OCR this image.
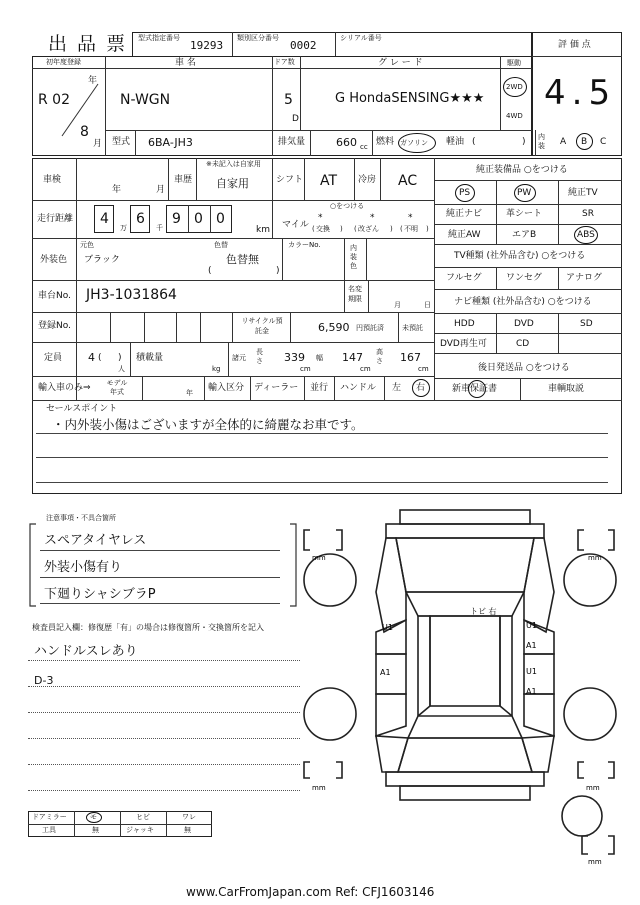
出 品 票 型式指定番号
19293
類別区分番号
0002
シリアル番号
評 価 点
4.5
初年度登録
R 02
年
8
月
車 名
N-WGN
ドア数
5
D
グ レ ー ド
G HondaSENSING★★★
駆動
2WD
4WD
型式 6BA-JH3	排気量	660 cc 燃料 ガソリン 軽油 (	) 内装	A B C
車検
年	月
車歴
※未記入は自家用
自家用	シフト AT 冷房 AC
走行距離 4
万
6
千
9 0 0
km
○をつける
マイル
*	*	*
交換	改ざん	不明
(	) (	) (	)
外装色
元色
ブラック
色替
色替無
(	)
カラーNo.	内装色
車台No. JH3-1031864	名変期限
月	日
登録No.	リサイクル預託金	6,590 円預託済	未預託
定員 4 ( )
人
積載量
kg
諸元
長さ 339
cm
幅 147
cm
高さ 167
cm
輸入車のみ⇒	モデル年式	年 輸入区分 ディーラー 並行 ハンドル 左 右
純正装備品 ○をつける
PS	PW	純正TV
純正ナビ	革シート	SR
純正AW	エアB	ABS
TV種類 (社外品含む) ○をつける
フルセグ	ワンセグ	アナログ
ナビ種類 (社外品含む) ○をつける
HDD	DVD	SD
DVD再生可	CD
後日発送品 ○をつける
新車保証書	車輌取説
セールスポイント
・内外装小傷はございますが全体的に綺麗なお車です。
注意事項・不具合箇所
スペアタイヤレス
外装小傷有り
下廻りシャシブラP
検査員記入欄：修復歴「有」の場合は修復箇所・交換箇所を記入
ハンドルスレあり
D-3
ドアミラー	モ	ヒビ	ワレ
工具	無	ジャッキ	無
mm	mm
mm	mm
mm
トビ 右
U1	U1
A1
A1	U1
A1
www.CarFromJapan.com Ref: CFJ1603146
